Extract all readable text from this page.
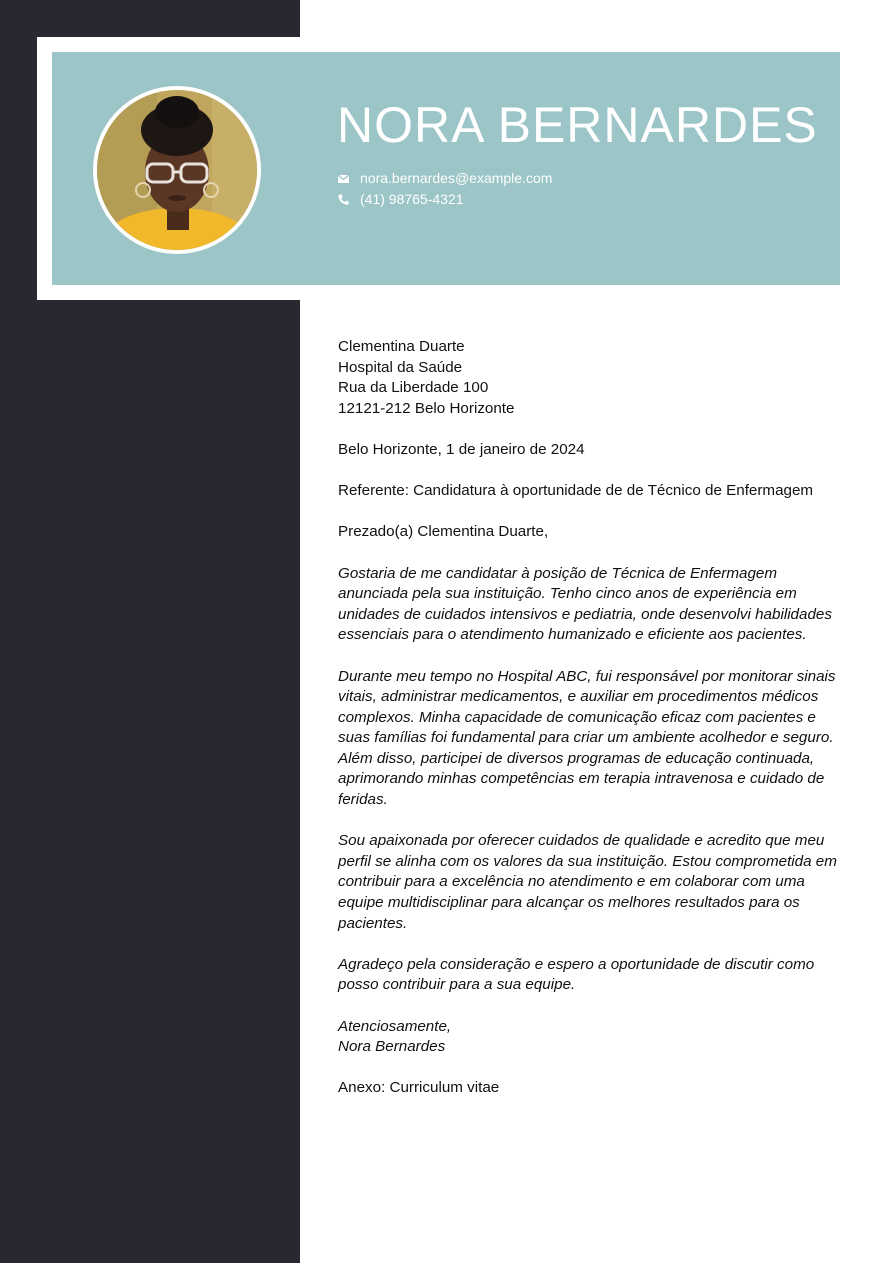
NORA BERNARDES
nora.bernardes@example.com
(41) 98765-4321

Clementina Duarte
Hospital da Saúde
Rua da Liberdade 100
12121-212 Belo Horizonte

Belo Horizonte, 1 de janeiro de 2024

Referente: Candidatura à oportunidade de de Técnico de Enfermagem

Prezado(a) Clementina Duarte,

Gostaria de me candidatar à posição de Técnica de Enfermagem anunciada pela sua instituição. Tenho cinco anos de experiência em unidades de cuidados intensivos e pediatria, onde desenvolvi habilidades essenciais para o atendimento humanizado e eficiente aos pacientes.

Durante meu tempo no Hospital ABC, fui responsável por monitorar sinais vitais, administrar medicamentos, e auxiliar em procedimentos médicos complexos. Minha capacidade de comunicação eficaz com pacientes e suas famílias foi fundamental para criar um ambiente acolhedor e seguro. Além disso, participei de diversos programas de educação continuada, aprimorando minhas competências em terapia intravenosa e cuidado de feridas.

Sou apaixonada por oferecer cuidados de qualidade e acredito que meu perfil se alinha com os valores da sua instituição. Estou comprometida em contribuir para a excelência no atendimento e em colaborar com uma equipe multidisciplinar para alcançar os melhores resultados para os pacientes.

Agradeço pela consideração e espero a oportunidade de discutir como posso contribuir para a sua equipe.

Atenciosamente,
Nora Bernardes

Anexo: Curriculum vitae
